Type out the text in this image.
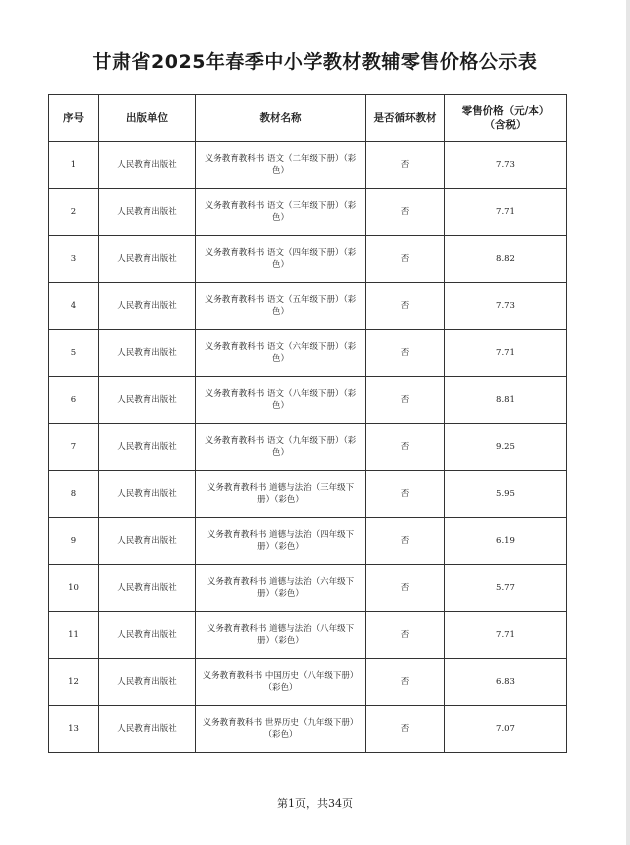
甘肃省2025年春季中小学教材教辅零售价格公示表
序号	出版单位	教材名称	是否循环教材	零售价格（元/本）
（含税）

1	人民教育出版社	义务教育教科书 语文（二年级下册）（彩色）	否	7.73
2	人民教育出版社	义务教育教科书 语文（三年级下册）（彩色）	否	7.71
3	人民教育出版社	义务教育教科书 语文（四年级下册）（彩色）	否	8.82
4	人民教育出版社	义务教育教科书 语文（五年级下册）（彩色）	否	7.73
5	人民教育出版社	义务教育教科书 语文（六年级下册）（彩色）	否	7.71
6	人民教育出版社	义务教育教科书 语文（八年级下册）（彩色）	否	8.81
7	人民教育出版社	义务教育教科书 语文（九年级下册）（彩色）	否	9.25
8	人民教育出版社	义务教育教科书 道德与法治（三年级下册）（彩色）	否	5.95
9	人民教育出版社	义务教育教科书 道德与法治（四年级下册）（彩色）	否	6.19
10	人民教育出版社	义务教育教科书 道德与法治（六年级下册）（彩色）	否	5.77
11	人民教育出版社	义务教育教科书 道德与法治（八年级下册）（彩色）	否	7.71
12	人民教育出版社	义务教育教科书 中国历史（八年级下册）（彩色）	否	6.83
13	人民教育出版社	义务教育教科书 世界历史（九年级下册）（彩色）	否	7.07
第1页，共34页
